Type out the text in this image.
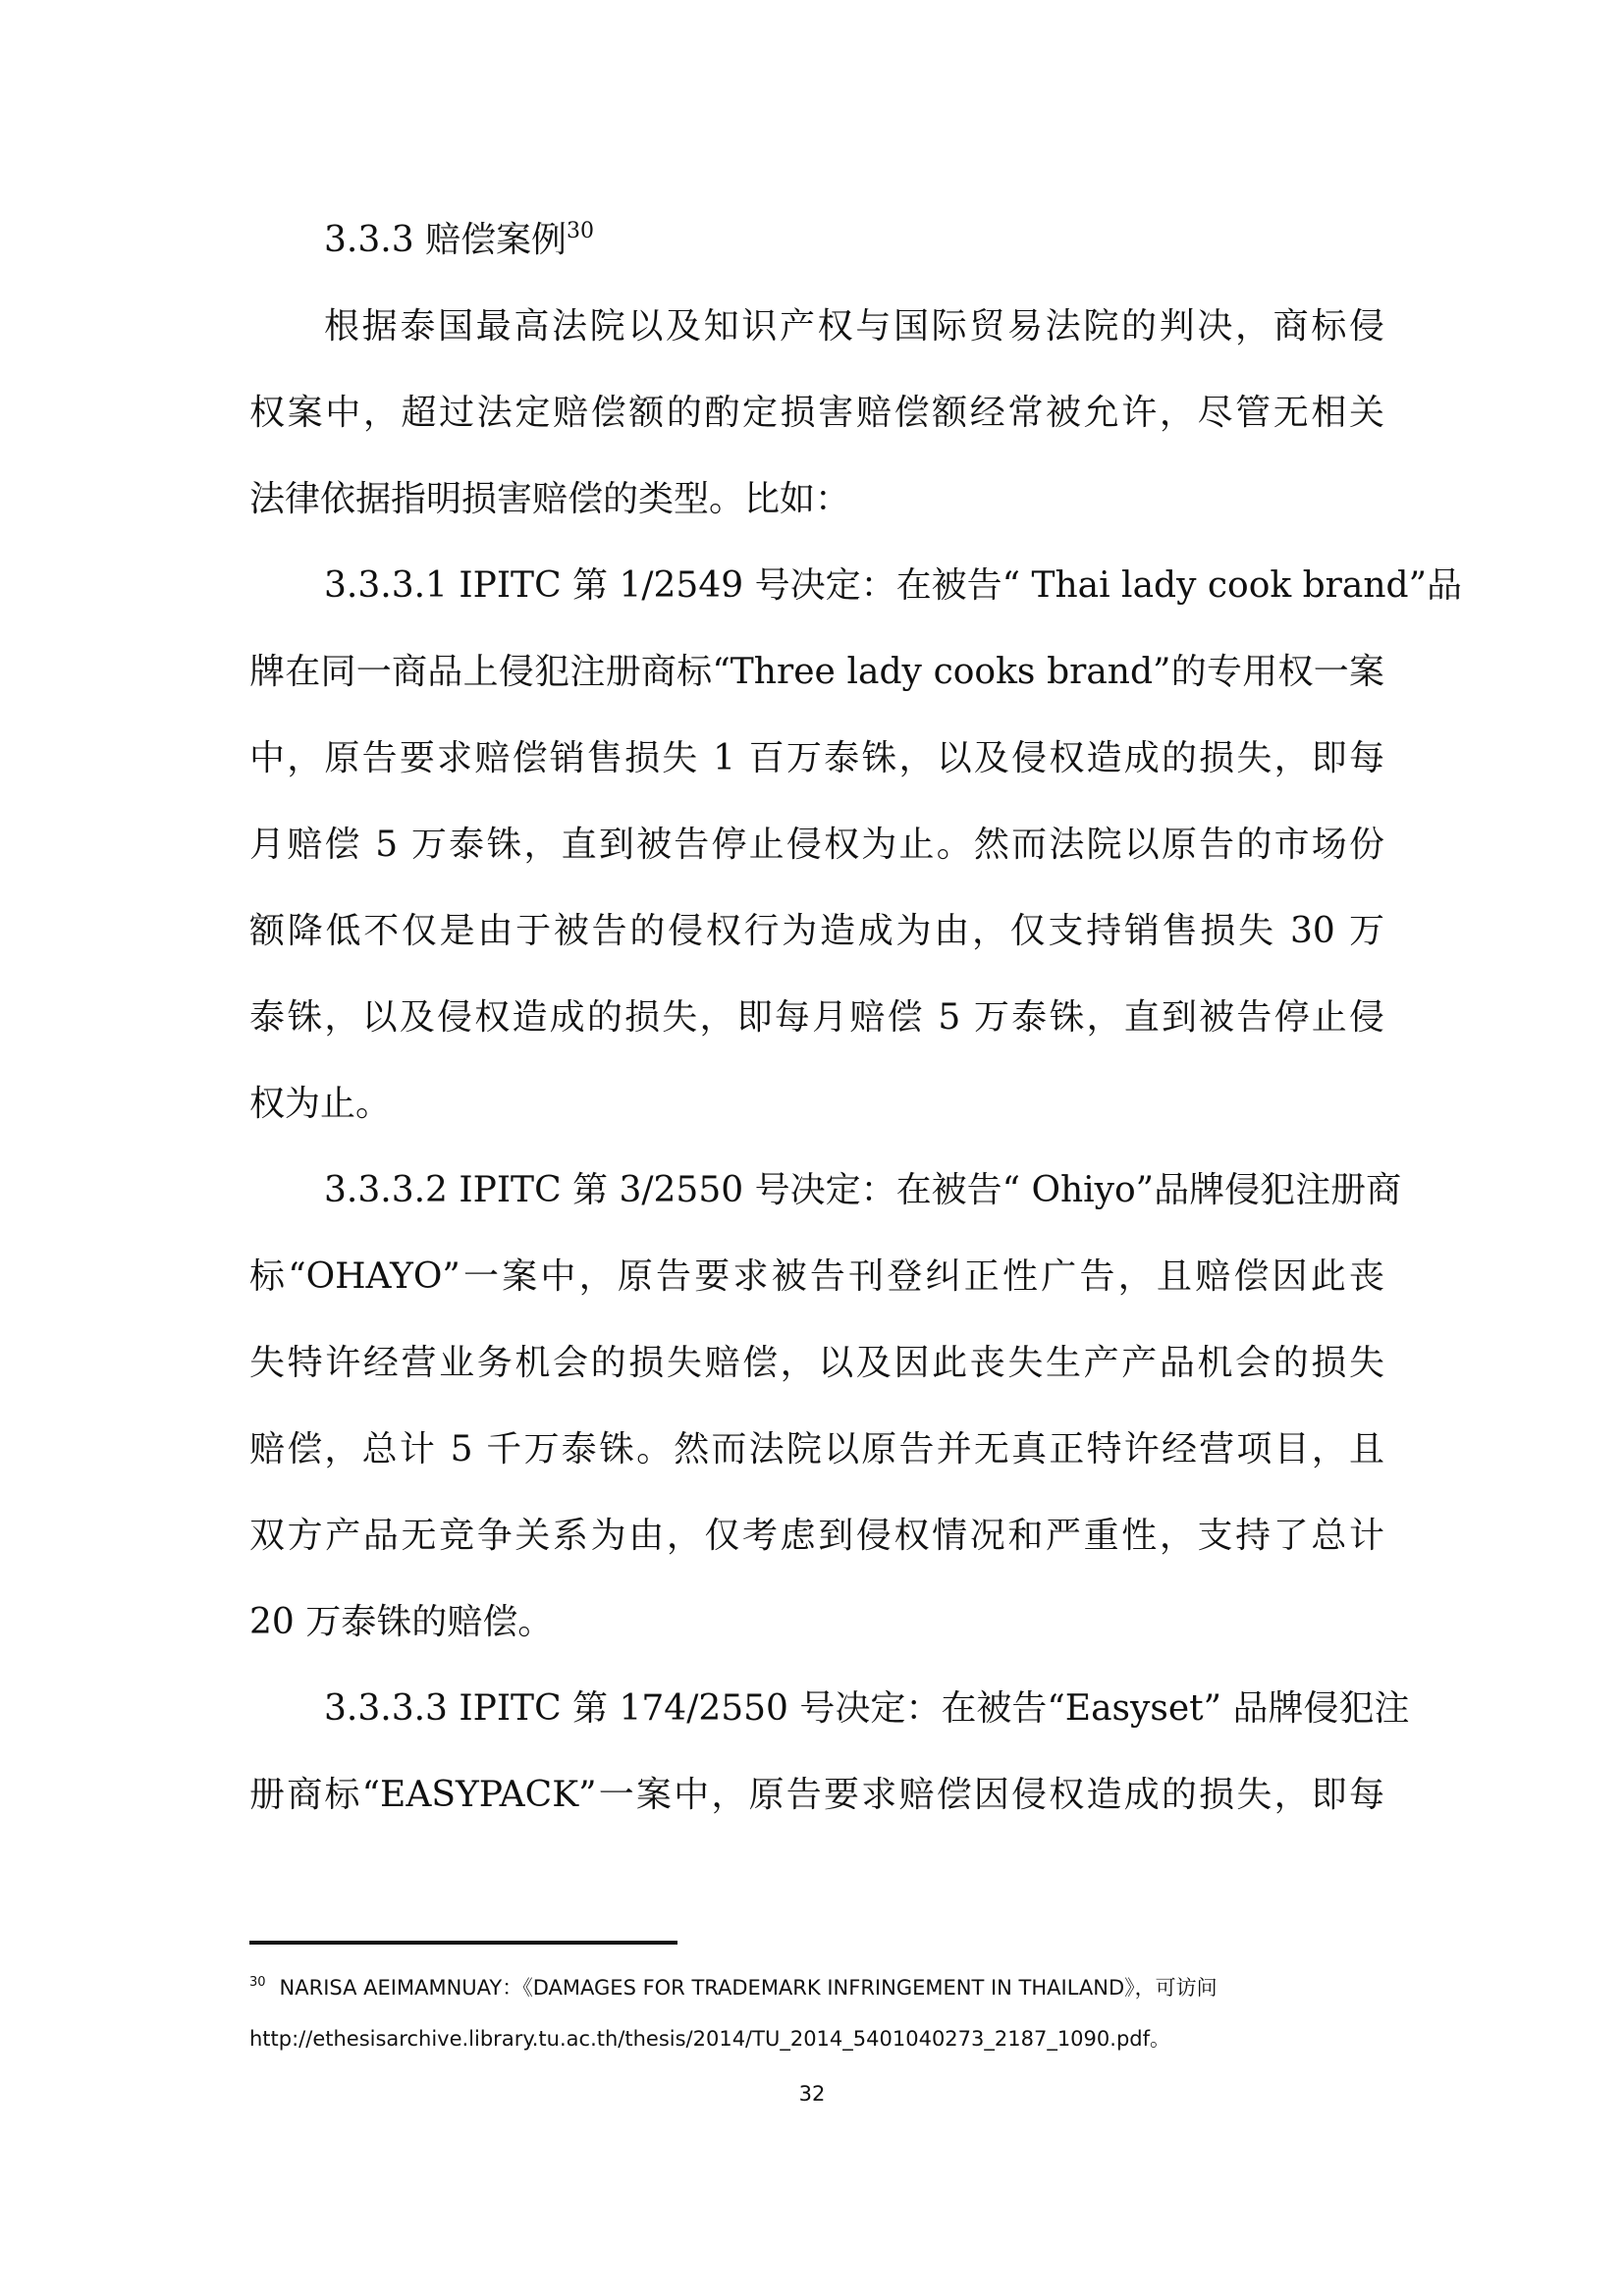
3.3.3 赔偿案例$^{30}$
根据泰国最高法院以及知识产权与国际贸易法院的判决，商标侵
权案中，超过法定赔偿额的酌定损害赔偿额经常被允许，尽管无相关
法律依据指明损害赔偿的类型。比如：
3.3.3.1 IPITC 第 1/2549 号决定：在被告“ Thai lady cook brand”品
牌在同一商品上侵犯注册商标“Three lady cooks brand”的专用权一案
中，原告要求赔偿销售损失 1 百万泰铢，以及侵权造成的损失，即每
月赔偿 5 万泰铢，直到被告停止侵权为止。然而法院以原告的市场份
额降低不仅是由于被告的侵权行为造成为由，仅支持销售损失 30 万
泰铢，以及侵权造成的损失，即每月赔偿 5 万泰铢，直到被告停止侵
权为止。
3.3.3.2 IPITC 第 3/2550 号决定：在被告“ Ohiyo”品牌侵犯注册商
标“OHAYO”一案中，原告要求被告刊登纠正性广告，且赔偿因此丧
失特许经营业务机会的损失赔偿，以及因此丧失生产产品机会的损失
赔偿，总计 5 千万泰铢。然而法院以原告并无真正特许经营项目，且
双方产品无竞争关系为由，仅考虑到侵权情况和严重性，支持了总计
20 万泰铢的赔偿。
3.3.3.3 IPITC 第 174/2550 号决定：在被告“Easyset” 品牌侵犯注
册商标“EASYPACK”一案中，原告要求赔偿因侵权造成的损失，即每
$^{30}$ NARISA AEIMAMNUAY：《DAMAGES FOR TRADEMARK INFRINGEMENT IN THAILAND》，可访问
http://ethesisarchive.library.tu.ac.th/thesis/2014/TU_2014_5401040273_2187_1090.pdf。
32
